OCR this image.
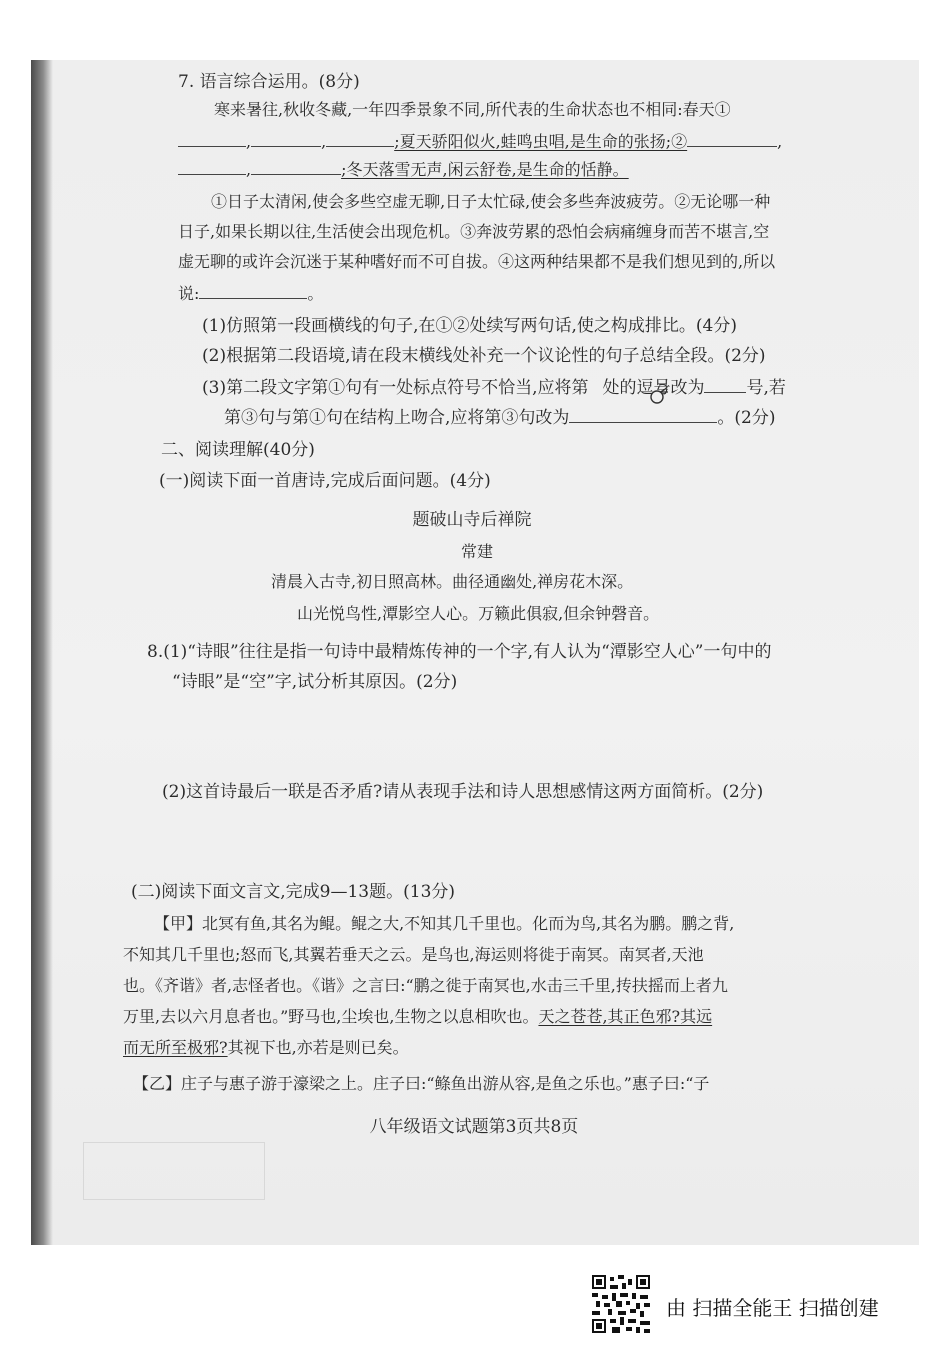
7. 语言综合运用。(8分)
寒来暑往,秋收冬藏,一年四季景象不同,所代表的生命状态也不相同:春天①
,	,	;夏天骄阳似火,蛙鸣虫唱,是生命的张扬;②	,
,	;冬天落雪无声,闲云舒卷,是生命的恬静。
①日子太清闲,使会多些空虚无聊,日子太忙碌,使会多些奔波疲劳。②无论哪一种
日子,如果长期以往,生活使会出现危机。③奔波劳累的恐怕会病痛缠身而苦不堪言,空
虚无聊的或许会沉迷于某种嗜好而不可自拔。④这两种结果都不是我们想见到的,所以
说:	。
(1)仿照第一段画横线的句子,在①②处续写两句话,使之构成排比。(4分)
(2)根据第二段语境,请在段末横线处补充一个议论性的句子总结全段。(2分)
(3)第二段文字第①句有一处标点符号不恰当,应将第 处的逗号改为 号,若
第③句与第①句在结构上吻合,应将第③句改为	。(2分)
二、阅读理解(40分)
(一)阅读下面一首唐诗,完成后面问题。(4分)
题破山寺后禅院
常建
清晨入古寺,初日照高林。曲径通幽处,禅房花木深。
山光悦鸟性,潭影空人心。万籁此俱寂,但余钟磬音。
8.(1)“诗眼”往往是指一句诗中最精炼传神的一个字,有人认为“潭影空人心”一句中的
“诗眼”是“空”字,试分析其原因。(2分)
(2)这首诗最后一联是否矛盾?请从表现手法和诗人思想感情这两方面简析。(2分)
(二)阅读下面文言文,完成9—13题。(13分)
【甲】北冥有鱼,其名为鲲。鲲之大,不知其几千里也。化而为鸟,其名为鹏。鹏之背,
不知其几千里也;怒而飞,其翼若垂天之云。是鸟也,海运则将徙于南冥。南冥者,天池
也。《齐谐》者,志怪者也。《谐》之言曰:“鹏之徙于南冥也,水击三千里,抟扶摇而上者九
万里,去以六月息者也。”野马也,尘埃也,生物之以息相吹也。天之苍苍,其正色邪?其远
而无所至极邪?其视下也,亦若是则已矣。
【乙】庄子与惠子游于濠梁之上。庄子曰:“鲦鱼出游从容,是鱼之乐也。”惠子曰:“子
八年级语文试题第3页共8页
由 扫描全能王 扫描创建
